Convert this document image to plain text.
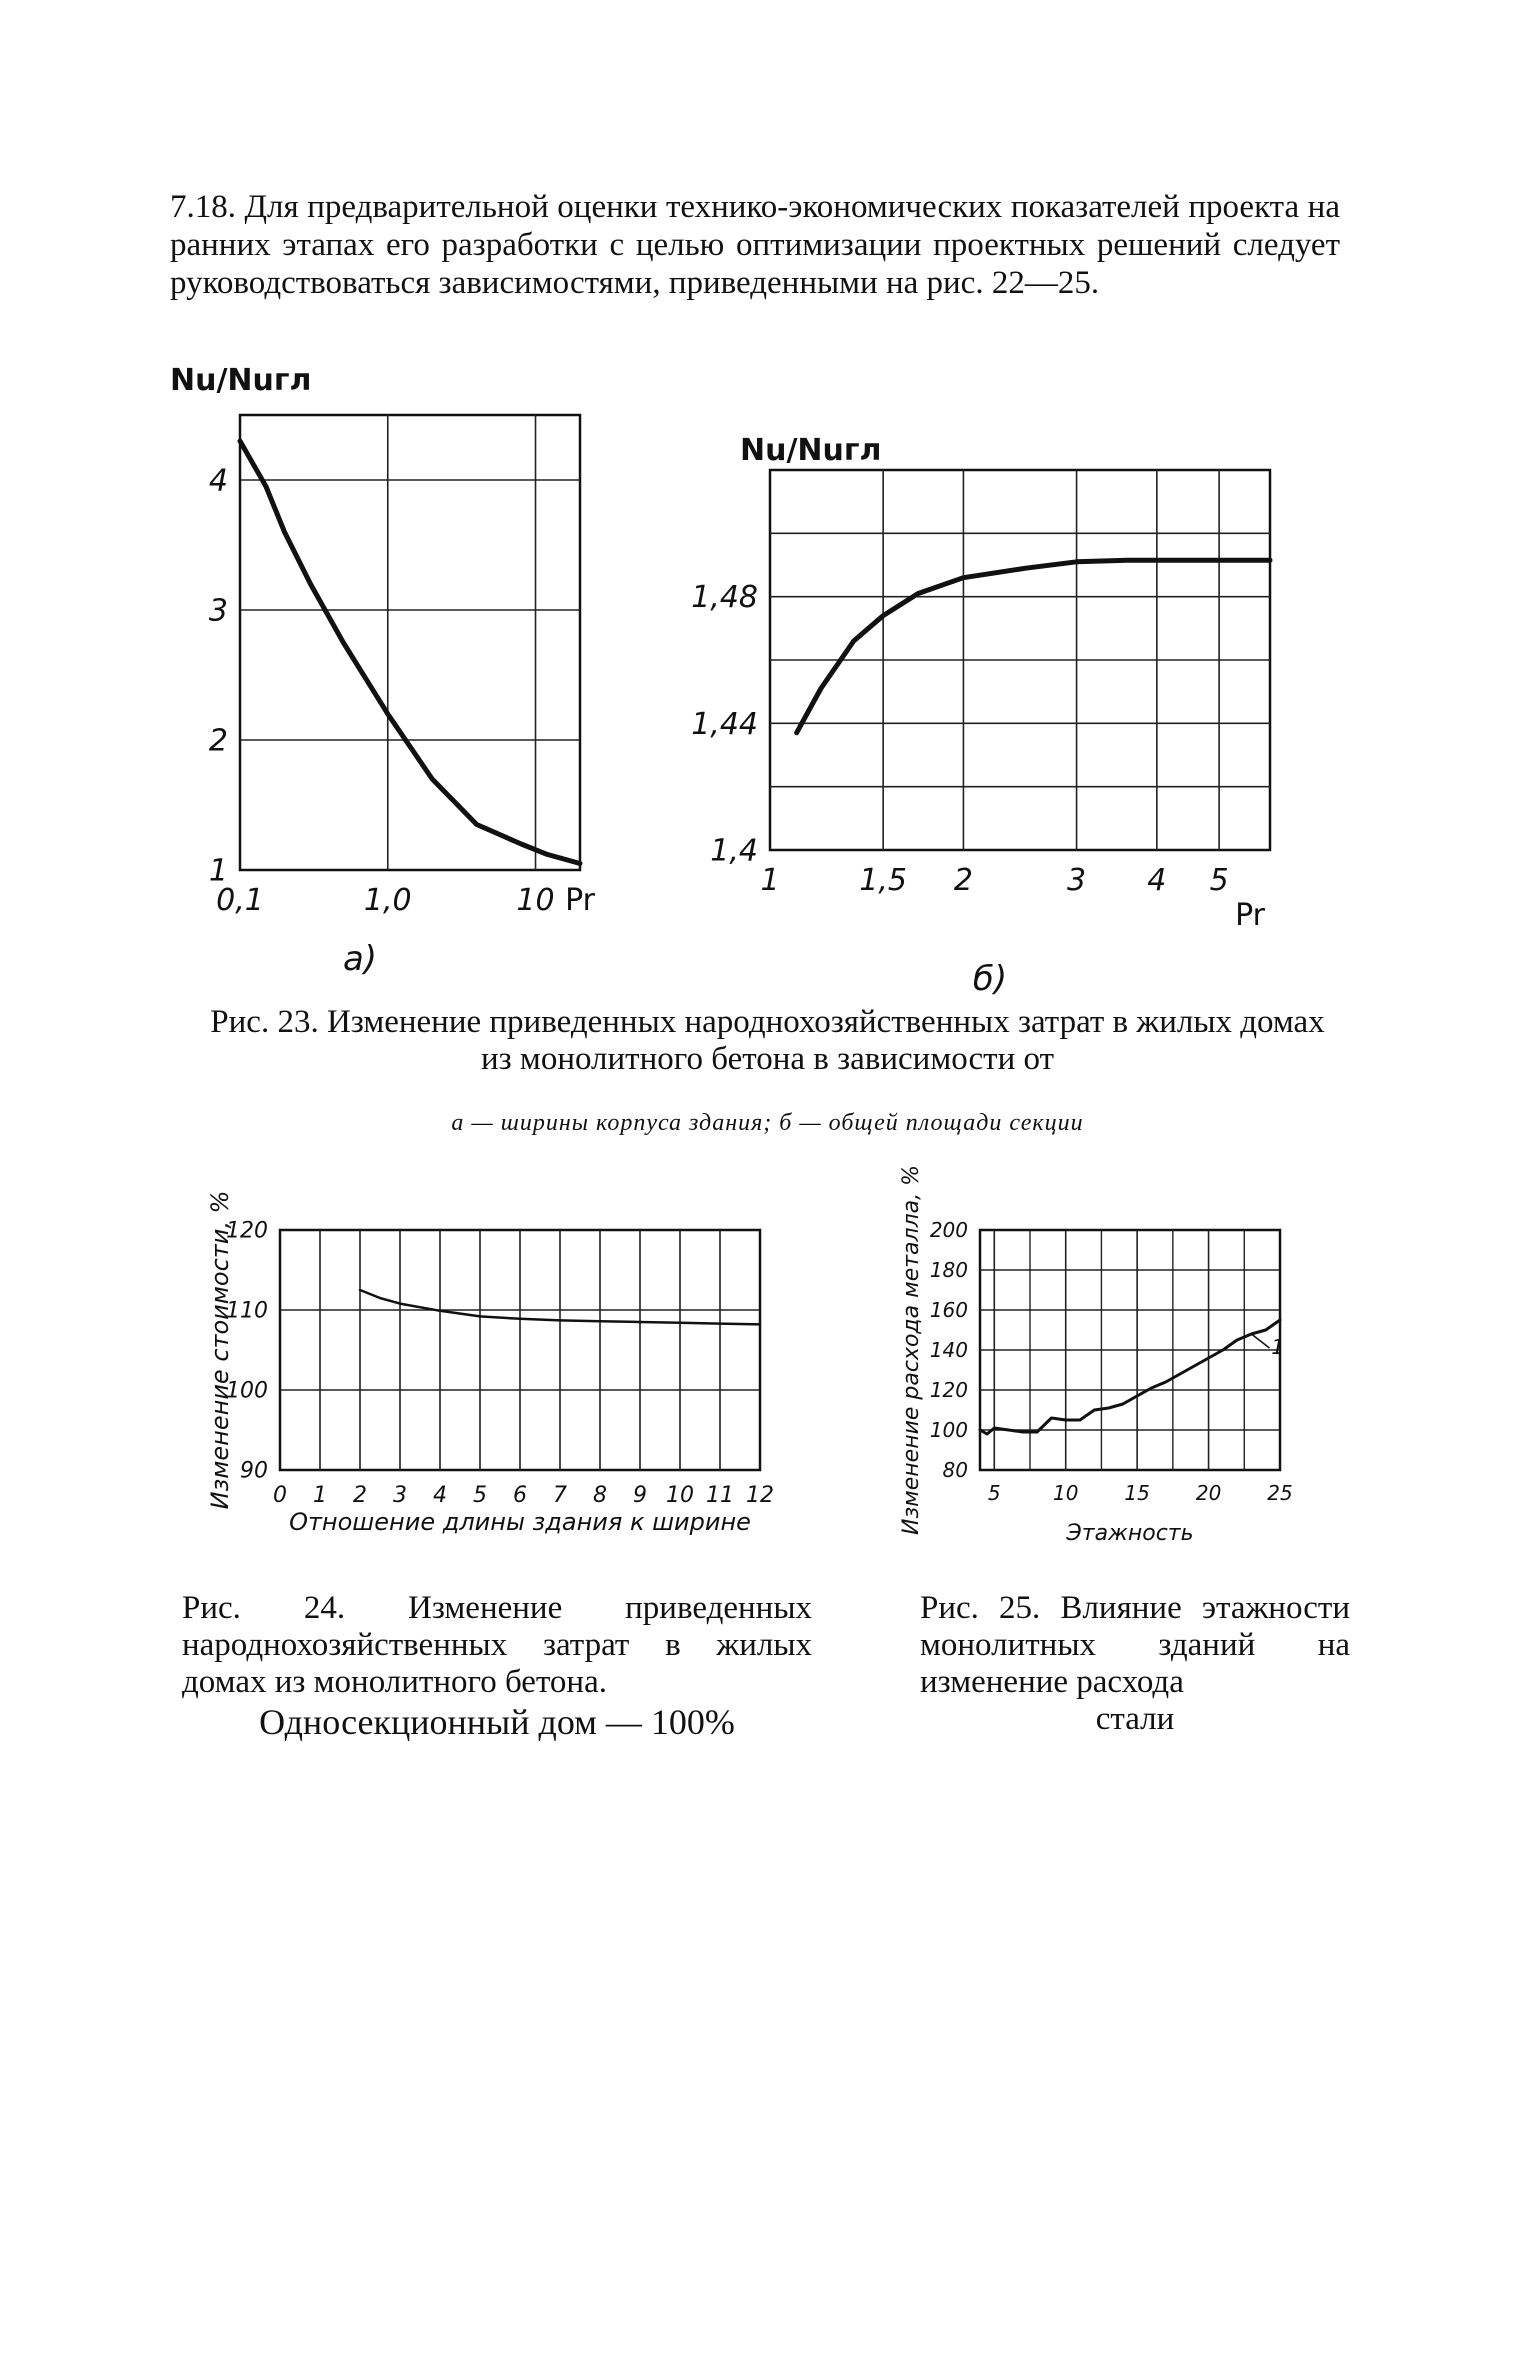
7.18. Для предварительной оценки технико-экономических показателей проекта на ранних этапах его разработки с целью оптимизации проектных решений следует руководствоваться зависимостями, приведенными на рис. 22—25.

1
2
3
4
0,1	1,0	10
Nu/Nuгл
Pr
а)
1,4
1,44
1,48
1	1,5 2	3 4 5
Nu/Nuгл
Pr
б)

Рис. 23. Изменение приведенных народнохозяйственных затрат в жилых домах из монолитного бетона в зависимости от

а — ширины корпуса здания; б — общей площади секции
90
100
110
120
0 1 2 3 4 5 6 7 8 9 10 11 12
Изменение стоимости, %
Отношение длины здания к ширине
80
100
120
140
160
180
200
5	10 15 20 25
Изменение расхода металла, %	Этажность
1
Рис. 24. Изменение приведенных народнохозяйственных затрат в жилых домах из монолитного бетона.
Односекционный дом — 100%
Рис. 25. Влияние этажности монолитных зданий на изменение расхода
стали
